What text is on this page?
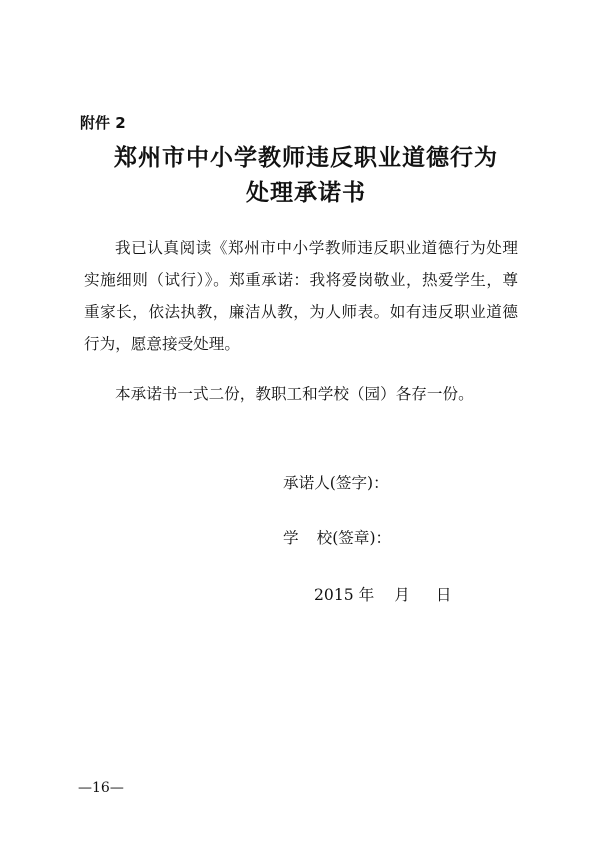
附件 2
郑州市中小学教师违反职业道德行为
处理承诺书

我已认真阅读《郑州市中小学教师违反职业道德行为处理实施细则（试行）》。郑重承诺：我将爱岗敬业，热爱学生，尊重家长，依法执教，廉洁从教，为人师表。如有违反职业道德行为，愿意接受处理。

本承诺书一式二份，教职工和学校（园）各存一份。

承诺人(签字)：
学 校(签章)：
2015 年 月 日
—16—
